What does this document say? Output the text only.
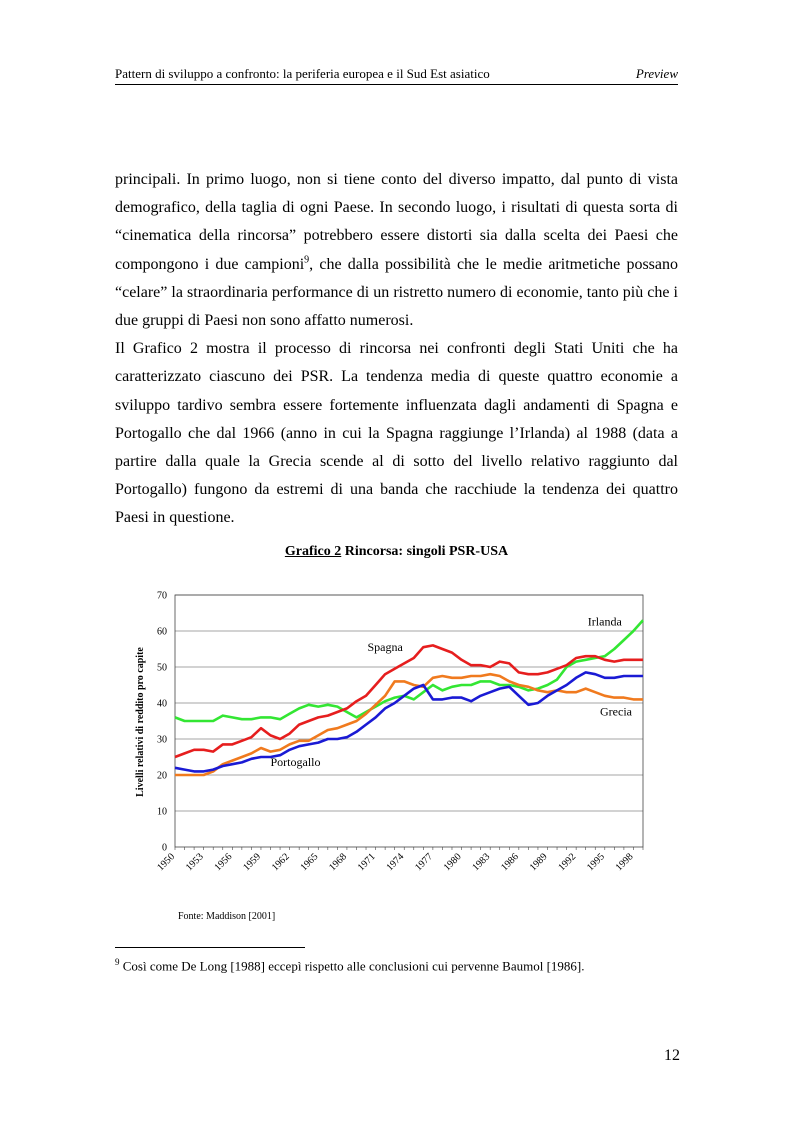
Pattern di sviluppo a confronto: la periferia europea e il Sud Est asiatico	Preview

principali. In primo luogo, non si tiene conto del diverso impatto, dal punto di vista demografico, della taglia di ogni Paese. In secondo luogo, i risultati di questa sorta di “cinematica della rincorsa” potrebbero essere distorti sia dalla scelta dei Paesi che compongono i due campioni$^9$, che dalla possibilità che le medie aritmetiche possano “celare” la straordinaria performance di un ristretto numero di economie, tanto più che i due gruppi di Paesi non sono affatto numerosi.

Il Grafico 2 mostra il processo di rincorsa nei confronti degli Stati Uniti che ha caratterizzato ciascuno dei PSR. La tendenza media di queste quattro economie a sviluppo tardivo sembra essere fortemente influenzata dagli andamenti di Spagna e Portogallo che dal 1966 (anno in cui la Spagna raggiunge l’Irlanda) al 1988 (data a partire dalla quale la Grecia scende al di sotto del livello relativo raggiunto dal Portogallo) fungono da estremi di una banda che racchiude la tendenza dei quattro Paesi in questione.

Grafico 2 Rincorsa: singoli PSR-USA
0
10
20
30
40
50
60
70
1950 1953 1956 1959 1962 1965 1968 1971 1974 1977 1980 1983 1986 1989 1992 1995 1998
Irlanda
Spagna
Grecia
Portogallo
Livelli relativi di reddito pro capite
Fonte: Maddison [2001]
$^9$ Così come De Long [1988] eccepì rispetto alle conclusioni cui pervenne Baumol [1986].
12
